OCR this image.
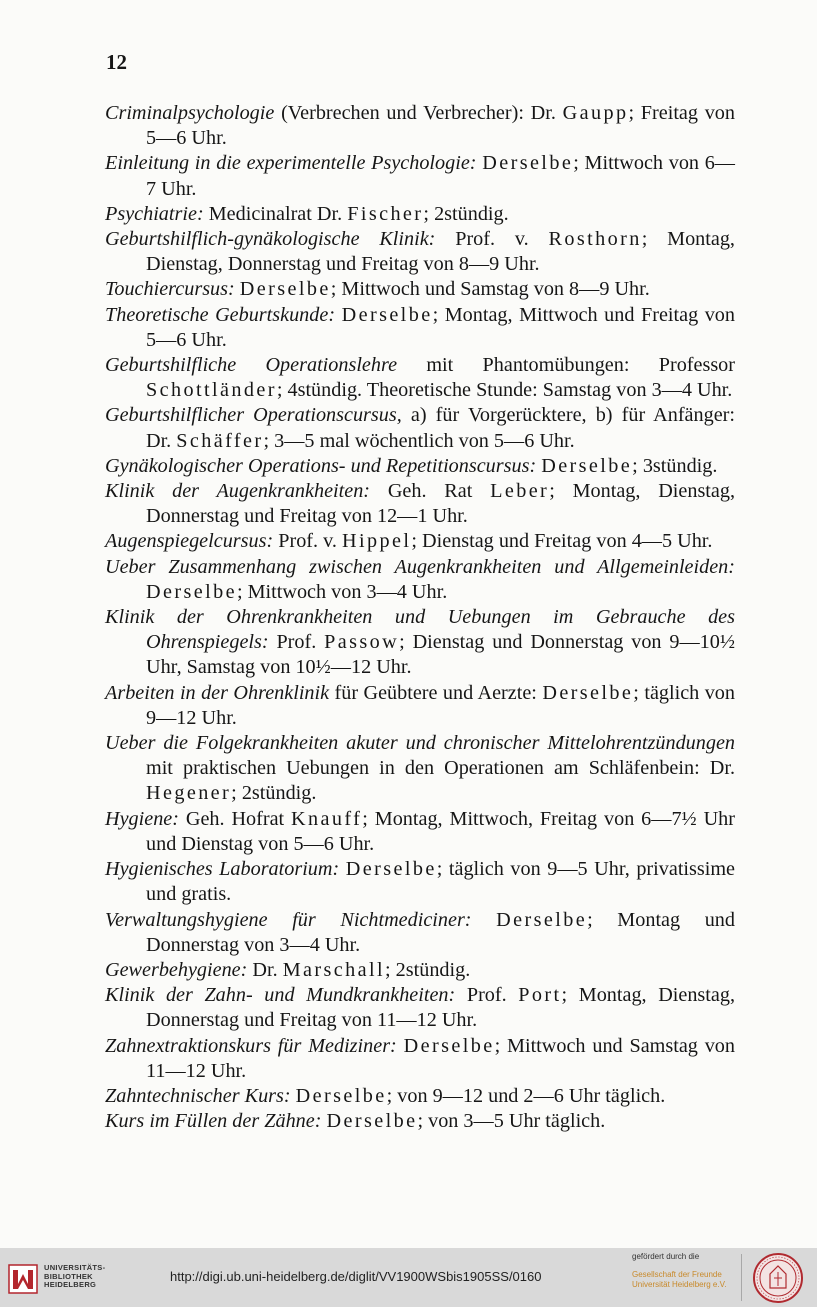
12

Criminalpsychologie (Verbrechen und Verbrecher): Dr. Gaupp; Freitag von 5—6 Uhr.

Einleitung in die experimentelle Psychologie: Derselbe; Mittwoch von 6—7 Uhr.

Psychiatrie: Medicinalrat Dr. Fischer; 2stündig.

Geburtshilflich-gynäkologische Klinik: Prof. v. Rosthorn; Montag, Dienstag, Donnerstag und Freitag von 8—9 Uhr.

Touchiercursus: Derselbe; Mittwoch und Samstag von 8—9 Uhr.

Theoretische Geburtskunde: Derselbe; Montag, Mittwoch und Freitag von 5—6 Uhr.

Geburtshilfliche Operationslehre mit Phantomübungen: Professor Schottländer; 4stündig. Theoretische Stunde: Samstag von 3—4 Uhr.

Geburtshilflicher Operationscursus, a) für Vorgerücktere, b) für Anfänger: Dr. Schäffer; 3—5 mal wöchentlich von 5—6 Uhr.

Gynäkologischer Operations- und Repetitionscursus: Derselbe; 3stündig.

Klinik der Augenkrankheiten: Geh. Rat Leber; Montag, Dienstag, Donnerstag und Freitag von 12—1 Uhr.

Augenspiegelcursus: Prof. v. Hippel; Dienstag und Freitag von 4—5 Uhr.

Ueber Zusammenhang zwischen Augenkrankheiten und Allgemeinleiden: Derselbe; Mittwoch von 3—4 Uhr.

Klinik der Ohrenkrankheiten und Uebungen im Gebrauche des Ohrenspiegels: Prof. Passow; Dienstag und Donnerstag von 9—10½ Uhr, Samstag von 10½—12 Uhr.

Arbeiten in der Ohrenklinik für Geübtere und Aerzte: Derselbe; täglich von 9—12 Uhr.

Ueber die Folgekrankheiten akuter und chronischer Mittelohrentzündungen mit praktischen Uebungen in den Operationen am Schläfenbein: Dr. Hegener; 2stündig.

Hygiene: Geh. Hofrat Knauff; Montag, Mittwoch, Freitag von 6—7½ Uhr und Dienstag von 5—6 Uhr.

Hygienisches Laboratorium: Derselbe; täglich von 9—5 Uhr, privatissime und gratis.

Verwaltungshygiene für Nichtmediciner: Derselbe; Montag und Donnerstag von 3—4 Uhr.

Gewerbehygiene: Dr. Marschall; 2stündig.

Klinik der Zahn- und Mundkrankheiten: Prof. Port; Montag, Dienstag, Donnerstag und Freitag von 11—12 Uhr.

Zahnextraktionskurs für Mediziner: Derselbe; Mittwoch und Samstag von 11—12 Uhr.

Zahntechnischer Kurs: Derselbe; von 9—12 und 2—6 Uhr täglich.

Kurs im Füllen der Zähne: Derselbe; von 3—5 Uhr täglich.

UNIVERSITÄTS-
BIBLIOTHEK
HEIDELBERG
http://digi.ub.uni-heidelberg.de/diglit/VV1900WSbis1905SS/0160
gefördert durch die
Gesellschaft der Freunde
Universität Heidelberg e.V.
